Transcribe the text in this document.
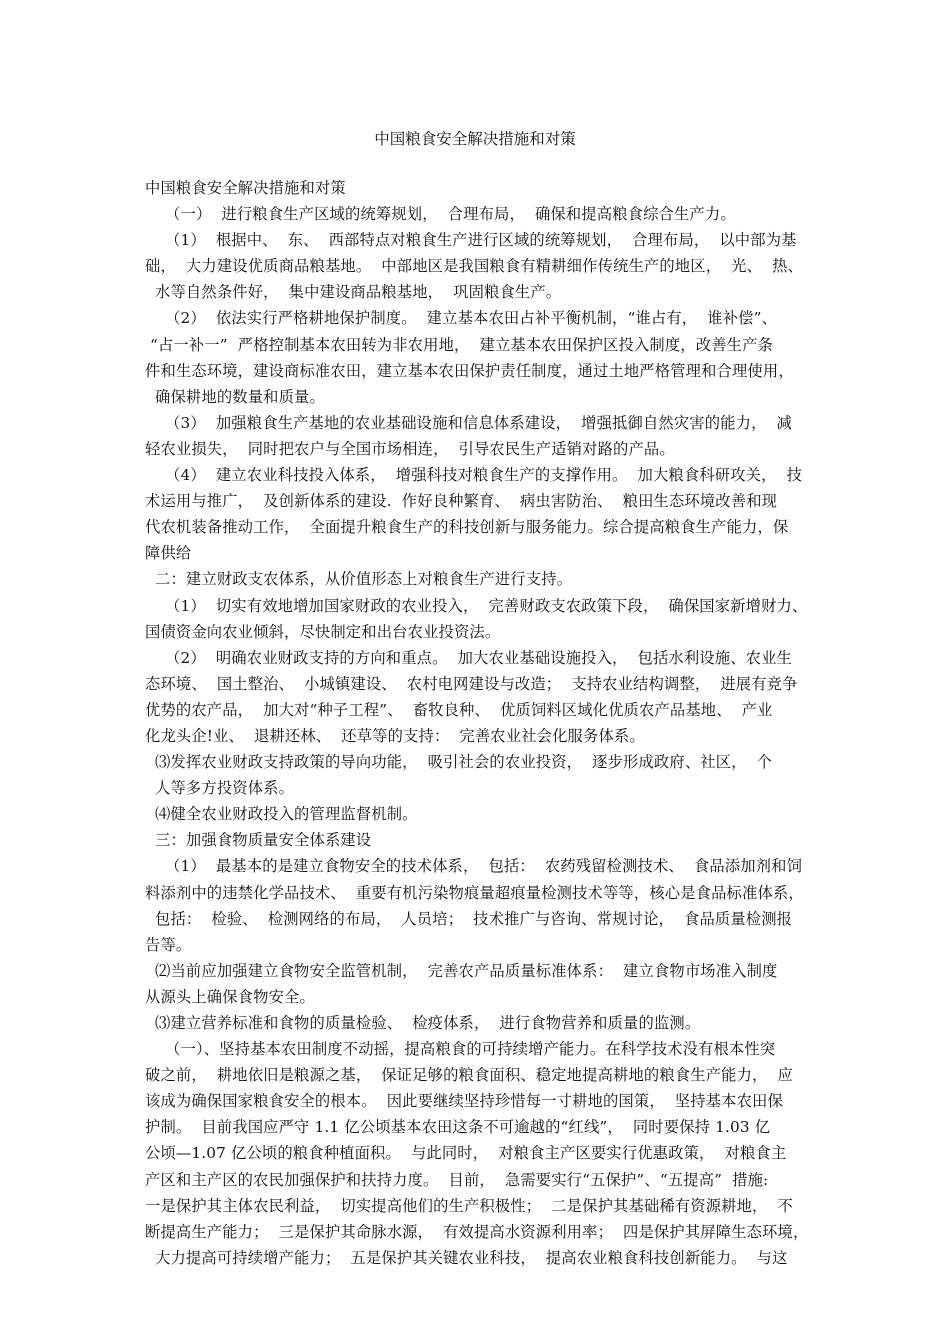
中国粮食安全解决措施和对策
中国粮食安全解决措施和对策
（一）  进行粮食生产区域的统筹规划，  合理布局，  确保和提高粮食综合生产力。
（1）  根据中、  东、  西部特点对粮食生产进行区域的统筹规划，  合理布局，  以中部为基
础，  大力建设优质商品粮基地。  中部地区是我国粮食有精耕细作传统生产的地区，  光、  热、
水等自然条件好，  集中建设商品粮基地，  巩固粮食生产。
（2）  依法实行严格耕地保护制度。  建立基本农田占补平衡机制，“谁占有，  谁补偿”、
“占一补一”  严格控制基本农田转为非农用地，  建立基本农田保护区投入制度，改善生产条
件和生态环境，建设商标准农田，建立基本农田保护责任制度，通过土地严格管理和合理使用，
确保耕地的数量和质量。
（3）  加强粮食生产基地的农业基础设施和信息体系建设，  增强抵御自然灾害的能力，  减
轻农业损失，  同时把农户与全国市场相连，  引导农民生产适销对路的产品。
（4）  建立农业科技投入体系，  增强科技对粮食生产的支撑作用。  加大粮食科研攻关，  技
术运用与推广，  及创新体系的建设.  作好良种繁育、  病虫害防治、  粮田生态环境改善和现
代农机装备推动工作，  全面提升粮食生产的科技创新与服务能力。综合提高粮食生产能力，保
障供给
二：建立财政支农体系，从价值形态上对粮食生产进行支持。
（1）  切实有效地增加国家财政的农业投入，  完善财政支农政策下段，  确保国家新增财力、
国债资金向农业倾斜，尽快制定和出台农业投资法。
（2）  明确农业财政支持的方向和重点。  加大农业基础设施投入，  包括水利设施、农业生
态环境、  国土整治、  小城镇建设、  农村电网建设与改造；  支持农业结构调整，  进展有竞争
优势的农产品，  加大对“种子工程”、  畜牧良种、  优质饲料区域化优质农产品基地、  产业
化龙头企!业、  退耕还林、  还草等的支持：  完善农业社会化服务体系。
⑶发挥农业财政支持政策的导向功能，  吸引社会的农业投资，  逐步形成政府、社区，  个
人等多方投资体系。
⑷健全农业财政投入的管理监督机制。
三：加强食物质量安全体系建设
（1）  最基本的是建立食物安全的技术体系，  包括：  农药残留检测技术、  食品添加剂和饲
料添剂中的违禁化学品技术、  重要有机污染物痕量超痕量检测技术等等，核心是食品标准体系，
包括：  检验、  检测网络的布局，  人员培；  技术推广与咨询、常规讨论，  食品质量检测报
告等。
⑵当前应加强建立食物安全监管机制，  完善农产品质量标准体系：  建立食物市场准入制度
从源头上确保食物安全。
⑶建立营养标准和食物的质量检验、  检疫体系，  进行食物营养和质量的监测。
（一）、坚持基本农田制度不动摇，提高粮食的可持续增产能力。在科学技术没有根本性突
破之前，  耕地依旧是粮源之基，  保证足够的粮食面积、稳定地提高耕地的粮食生产能力，  应
该成为确保国家粮食安全的根本。  因此要继续坚持珍惜每一寸耕地的国策，  坚持基本农田保
护制。  目前我国应严守 1.1 亿公顷基本农田这条不可逾越的“红线”，  同时要保持 1.03 亿
公顷—1.07 亿公顷的粮食种植面积。  与此同时，  对粮食主产区要实行优惠政策，  对粮食主
产区和主产区的农民加强保护和扶持力度。  目前，  急需要实行“五保护”、“五提高”  措施:
一是保护其主体农民利益，  切实提高他们的生产积极性；  二是保护其基础稀有资源耕地，  不
断提高生产能力；  三是保护其命脉水源，  有效提高水资源利用率；  四是保护其屏障生态环境，
大力提高可持续增产能力；  五是保护其关键农业科技，  提高农业粮食科技创新能力。  与这
